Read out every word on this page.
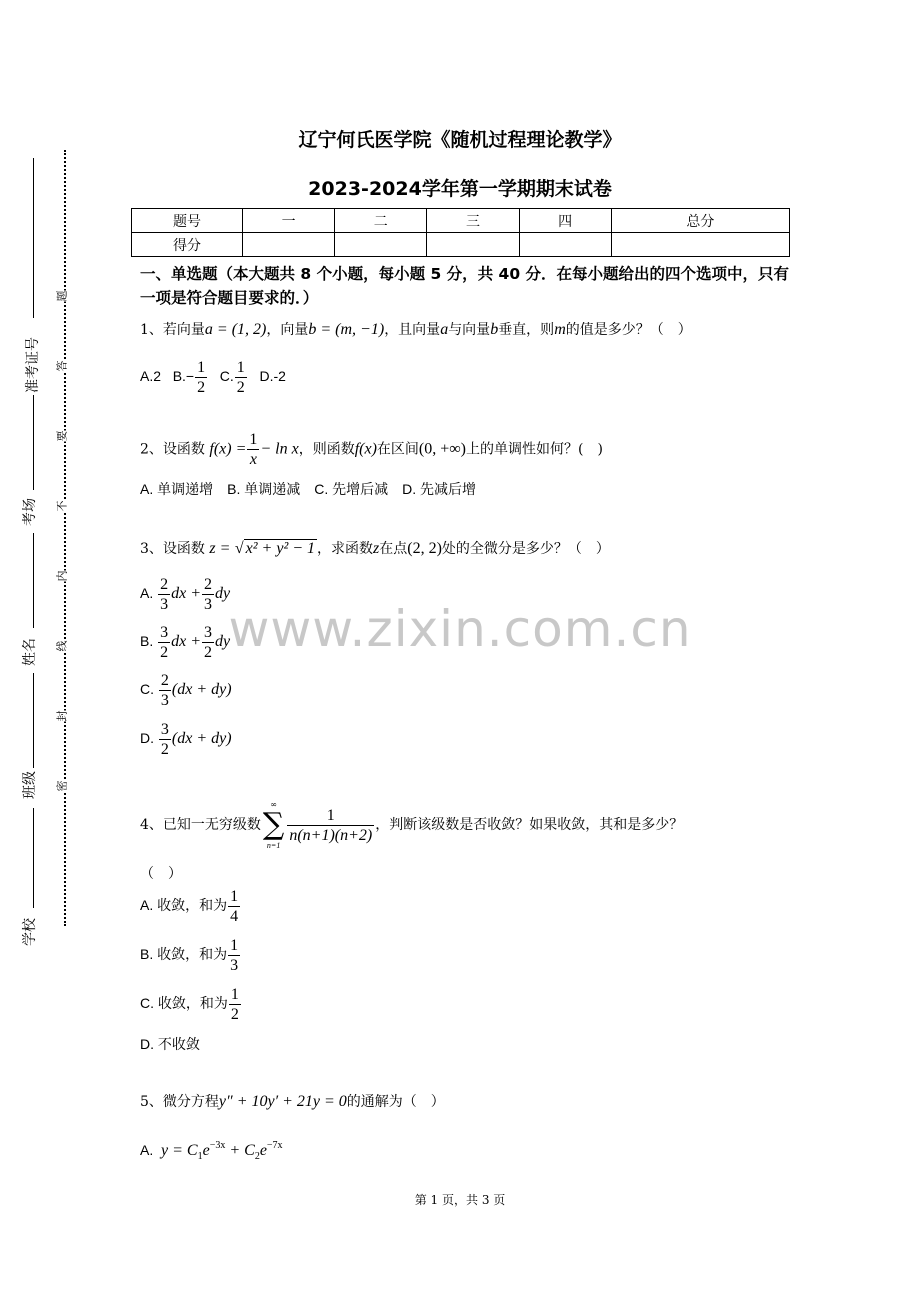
准考证号
考场
姓名
班级
学校
题
答
要
不
内
线
封
密
辽宁何氏医学院《随机过程理论教学》
2023-2024学年第一学期期末试卷
题号	一	二	三	四	总分
得分					
一、单选题（本大题共 8 个小题，每小题 5 分，共 40 分．在每小题给出的四个选项中，只有一项是符合题目要求的．）
1、若向量a = (1, 2)，向量b = (m, −1)，且向量a与向量b垂直，则m的值是多少？（　）
A.2 $B.- \frac{1}{2} C$. $\frac{1}{2} D.-2$
2、设函数 $f(x) = \frac{1}{x} - \ln x$，则函数f(x)在区间(0, +∞)上的单调性如何？(　)
A. 单调递增　B. 单调递减　C. 先增后减　D. 先减后增
3、设函数 z = √ x² + y² − 1 ，求函数z在点(2, 2)处的全微分是多少？（　）
A. $\frac{2}{3}$ dx + $\frac{2}{3}$ dy
B. $\frac{3}{2}$ dx + $\frac{3}{2}$ dy
C. $\frac{2}{3} (dx + dy)$
D. $\frac{3}{2} (dx + dy)$
4、已知一无穷级数
∞
∑
n=1
$\frac{1}{n(n+1)(n+2)}$ ，判断该级数是否收敛？如果收敛，其和是多少？
（　）
A. 收敛，和为 $\frac{1}{4}$
B. 收敛，和为 $\frac{1}{3}$
C. 收敛，和为 $\frac{1}{2}$
D. 不收敛
5、微分方程y″ + 10y′ + 21y = 0的通解为（　）
A. $y = C_1e^{-3x} + C_2e^{-7x}$
www.zixin.com.cn
第 1 页，共 3 页
